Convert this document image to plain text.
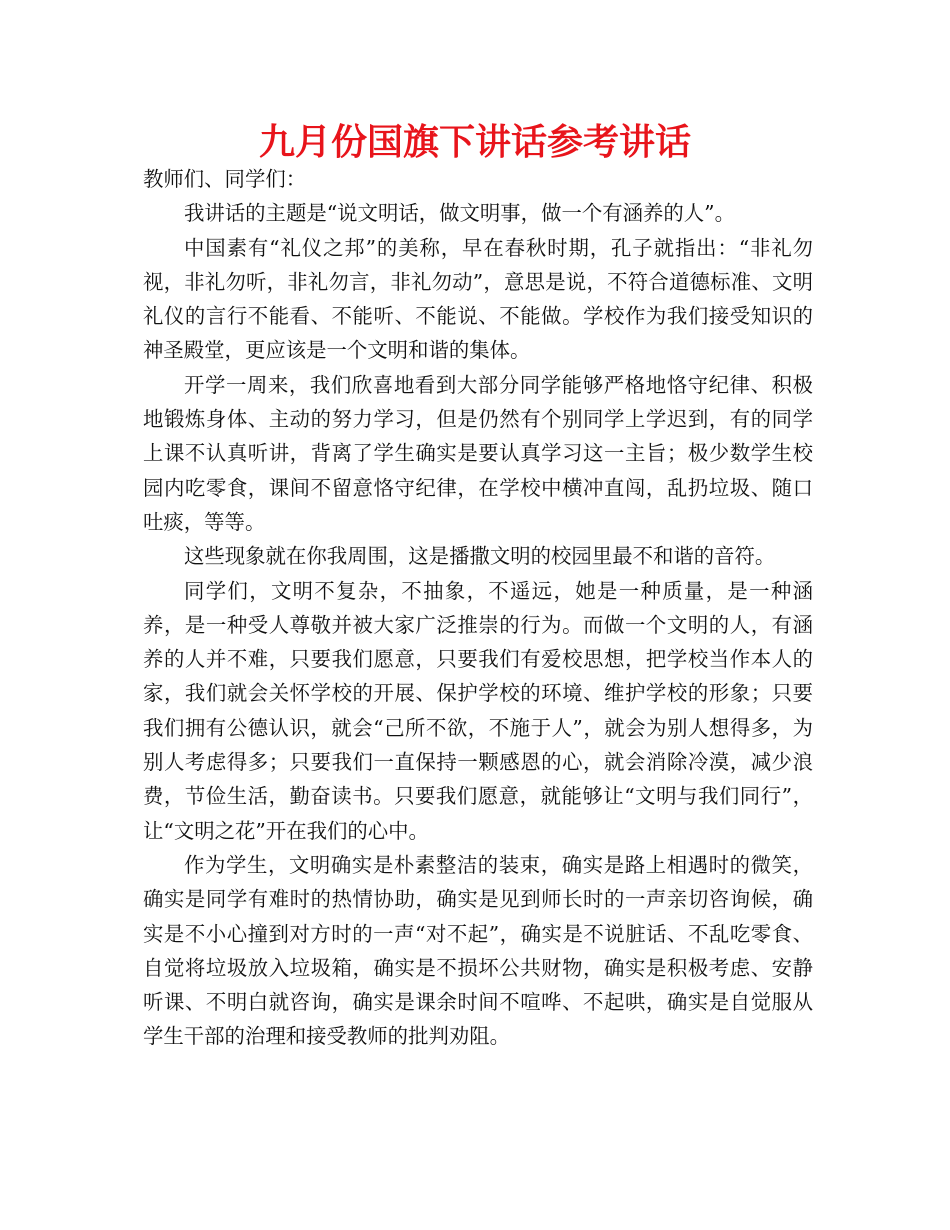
九月份国旗下讲话参考讲话

教师们、同学们：

我讲话的主题是“说文明话，做文明事，做一个有涵养的人”。

中国素有“礼仪之邦”的美称，早在春秋时期，孔子就指出：“非礼勿视，非礼勿听，非礼勿言，非礼勿动”，意思是说，不符合道德标准、文明礼仪的言行不能看、不能听、不能说、不能做。学校作为我们接受知识的神圣殿堂，更应该是一个文明和谐的集体。

开学一周来，我们欣喜地看到大部分同学能够严格地恪守纪律、积极地锻炼身体、主动的努力学习，但是仍然有个别同学上学迟到，有的同学上课不认真听讲，背离了学生确实是要认真学习这一主旨；极少数学生校园内吃零食，课间不留意恪守纪律，在学校中横冲直闯，乱扔垃圾、随口吐痰，等等。

这些现象就在你我周围，这是播撒文明的校园里最不和谐的音符。

同学们，文明不复杂，不抽象，不遥远，她是一种质量，是一种涵养，是一种受人尊敬并被大家广泛推崇的行为。而做一个文明的人，有涵养的人并不难，只要我们愿意，只要我们有爱校思想，把学校当作本人的家，我们就会关怀学校的开展、保护学校的环境、维护学校的形象；只要我们拥有公德认识，就会“己所不欲，不施于人”，就会为别人想得多，为别人考虑得多；只要我们一直保持一颗感恩的心，就会消除冷漠，减少浪费，节俭生活，勤奋读书。只要我们愿意，就能够让“文明与我们同行”，让“文明之花”开在我们的心中。

作为学生，文明确实是朴素整洁的装束，确实是路上相遇时的微笑，确实是同学有难时的热情协助，确实是见到师长时的一声亲切咨询候，确实是不小心撞到对方时的一声“对不起”，确实是不说脏话、不乱吃零食、自觉将垃圾放入垃圾箱，确实是不损坏公共财物，确实是积极考虑、安静听课、不明白就咨询，确实是课余时间不喧哗、不起哄，确实是自觉服从学生干部的治理和接受教师的批判劝阻。
